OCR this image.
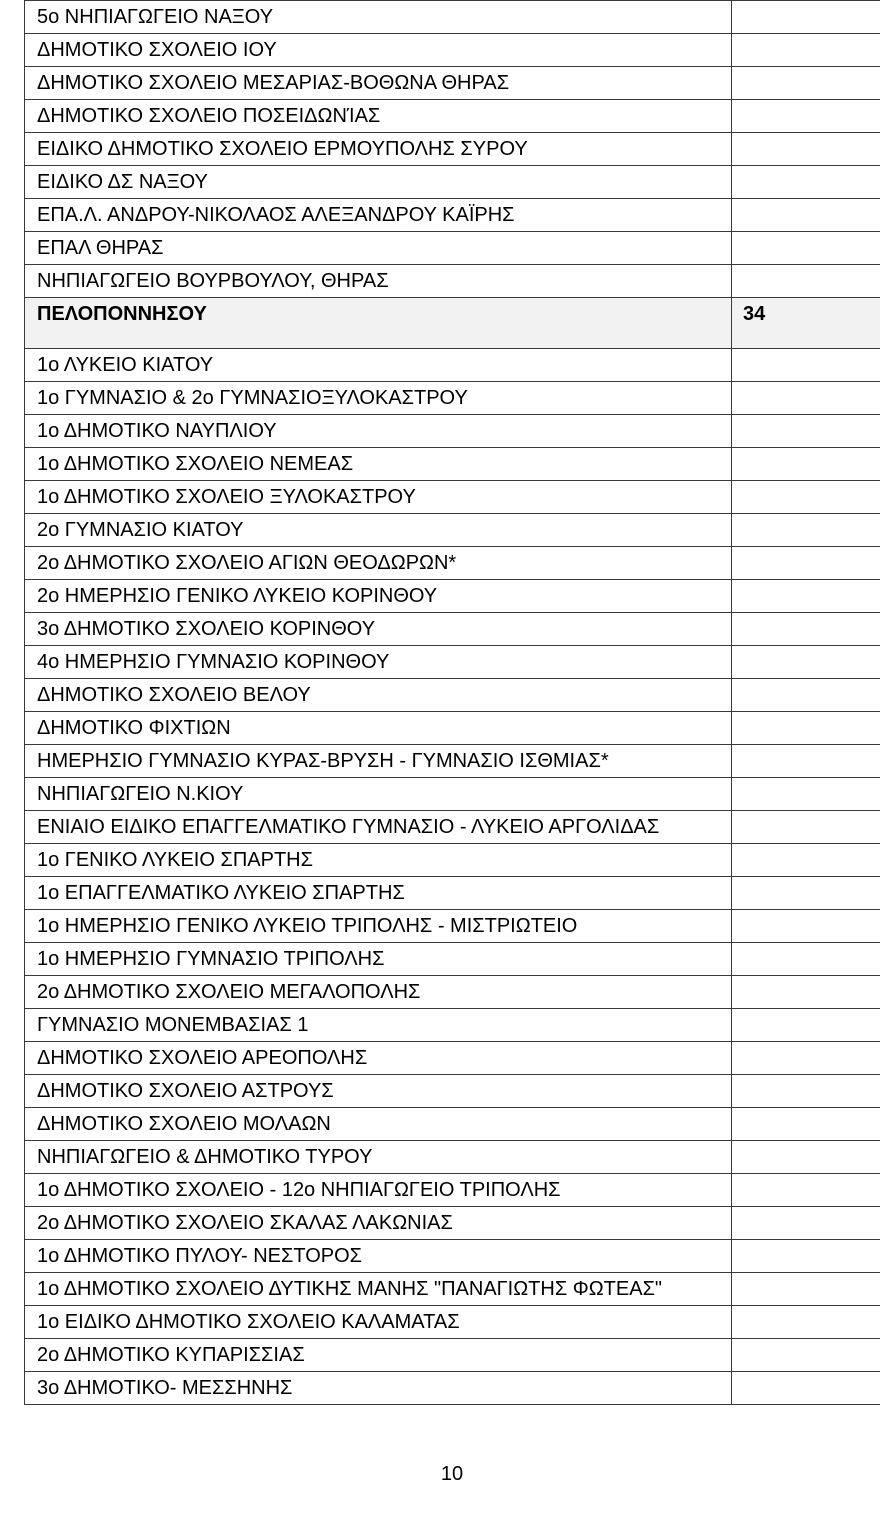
5ο ΝΗΠΙΑΓΩΓΕΙΟ ΝΑΞΟΥ	
ΔΗΜΟΤΙΚΟ ΣΧΟΛΕΙΟ ΙΟΥ	
ΔΗΜΟΤΙΚΟ ΣΧΟΛΕΙΟ ΜΕΣΑΡΙΑΣ-ΒΟΘΩΝΑ ΘΗΡΑΣ	
ΔΗΜΟΤΙΚΟ ΣΧΟΛΕΙΟ ΠΟΣΕΙΔΩΝΊΑΣ	
ΕΙΔΙΚΟ ΔΗΜΟΤΙΚΟ ΣΧΟΛΕΙΟ ΕΡΜΟΥΠΟΛΗΣ ΣΥΡΟΥ	
ΕΙΔΙΚΟ ΔΣ ΝΑΞΟΥ	
ΕΠΑ.Λ. ΑΝΔΡΟΥ-ΝΙΚΟΛΑΟΣ ΑΛΕΞΑΝΔΡΟΥ ΚΑΪΡΗΣ	
ΕΠΑΛ ΘΗΡΑΣ	
ΝΗΠΙΑΓΩΓΕΙΟ ΒΟΥΡΒΟΥΛΟΥ, ΘΗΡΑΣ	
ΠΕΛΟΠΟΝΝΗΣΟΥ	34
1ο ΛΥΚΕΙΟ ΚΙΑΤΟΥ	
1ο ΓΥΜΝΑΣΙΟ & 2ο ΓΥΜΝΑΣΙΟΞΥΛΟΚΑΣΤΡΟΥ	
1ο ΔΗΜΟΤΙΚΟ ΝΑΥΠΛΙΟΥ	
1ο ΔΗΜΟΤΙΚΟ ΣΧΟΛΕΙΟ ΝΕΜΕΑΣ	
1ο ΔΗΜΟΤΙΚΟ ΣΧΟΛΕΙΟ ΞΥΛΟΚΑΣΤΡΟΥ	
2ο ΓΥΜΝΑΣΙΟ ΚΙΑΤΟΥ	
2ο ΔΗΜΟΤΙΚΟ ΣΧΟΛΕΙΟ ΑΓΙΩΝ ΘΕΟΔΩΡΩΝ*	
2ο ΗΜΕΡΗΣΙΟ ΓΕΝΙΚΟ ΛΥΚΕΙΟ ΚΟΡΙΝΘΟΥ	
3ο ΔΗΜΟΤΙΚΟ ΣΧΟΛΕΙΟ ΚΟΡΙΝΘΟΥ	
4ο ΗΜΕΡΗΣΙΟ ΓΥΜΝΑΣΙΟ ΚΟΡΙΝΘΟΥ	
ΔΗΜΟΤΙΚΟ ΣΧΟΛΕΙΟ ΒΕΛΟΥ	
ΔΗΜΟΤΙΚΟ ΦΙΧΤΙΩΝ	
ΗΜΕΡΗΣΙΟ ΓΥΜΝΑΣΙΟ ΚΥΡΑΣ-ΒΡΥΣΗ - ΓΥΜΝΑΣΙΟ ΙΣΘΜΙΑΣ*	
ΝΗΠΙΑΓΩΓΕΙΟ Ν.ΚΙΟΥ	
ΕΝΙΑΙΟ ΕΙΔΙΚΟ ΕΠΑΓΓΕΛΜΑΤΙΚΟ ΓΥΜΝΑΣΙΟ - ΛΥΚΕΙΟ ΑΡΓΟΛΙΔΑΣ	
1ο ΓΕΝΙΚΟ ΛΥΚΕΙΟ ΣΠΑΡΤΗΣ	
1ο ΕΠΑΓΓΕΛΜΑΤΙΚΟ ΛΥΚΕΙΟ ΣΠΑΡΤΗΣ	
1ο ΗΜΕΡΗΣΙΟ ΓΕΝΙΚΟ ΛΥΚΕΙΟ ΤΡΙΠΟΛΗΣ - ΜΙΣΤΡΙΩΤΕΙΟ	
1ο ΗΜΕΡΗΣΙΟ ΓΥΜΝΑΣΙΟ ΤΡΙΠΟΛΗΣ	
2ο ΔΗΜΟΤΙΚΟ ΣΧΟΛΕΙΟ ΜΕΓΑΛΟΠΟΛΗΣ	
ΓΥΜΝΑΣΙΟ ΜΟΝΕΜΒΑΣΙΑΣ 1	
ΔΗΜΟΤΙΚΟ ΣΧΟΛΕΙΟ ΑΡΕΟΠΟΛΗΣ	
ΔΗΜΟΤΙΚΟ ΣΧΟΛΕΙΟ ΑΣΤΡΟΥΣ	
ΔΗΜΟΤΙΚΟ ΣΧΟΛΕΙΟ ΜΟΛΑΩΝ	
ΝΗΠΙΑΓΩΓΕΙΟ & ΔΗΜΟΤΙΚΟ ΤΥΡΟΥ	
1ο ΔΗΜΟΤΙΚΟ ΣΧΟΛΕΙΟ - 12ο ΝΗΠΙΑΓΩΓΕΙΟ ΤΡΙΠΟΛΗΣ	
2ο ΔΗΜΟΤΙΚΟ ΣΧΟΛΕΙΟ ΣΚΑΛΑΣ ΛΑΚΩΝΙΑΣ	
1ο ΔΗΜΟΤΙΚΟ ΠΥΛΟΥ- ΝΕΣΤΟΡΟΣ	
1ο ΔΗΜΟΤΙΚΟ ΣΧΟΛΕΙΟ ΔΥΤΙΚΗΣ ΜΑΝΗΣ "ΠΑΝΑΓΙΩΤΗΣ ΦΩΤΕΑΣ"	
1ο ΕΙΔΙΚΟ ΔΗΜΟΤΙΚΟ ΣΧΟΛΕΙΟ ΚΑΛΑΜΑΤΑΣ	
2ο ΔΗΜΟΤΙΚΟ ΚΥΠΑΡΙΣΣΙΑΣ	
3ο ΔΗΜΟΤΙΚΟ- ΜΕΣΣΗΝΗΣ	
10
